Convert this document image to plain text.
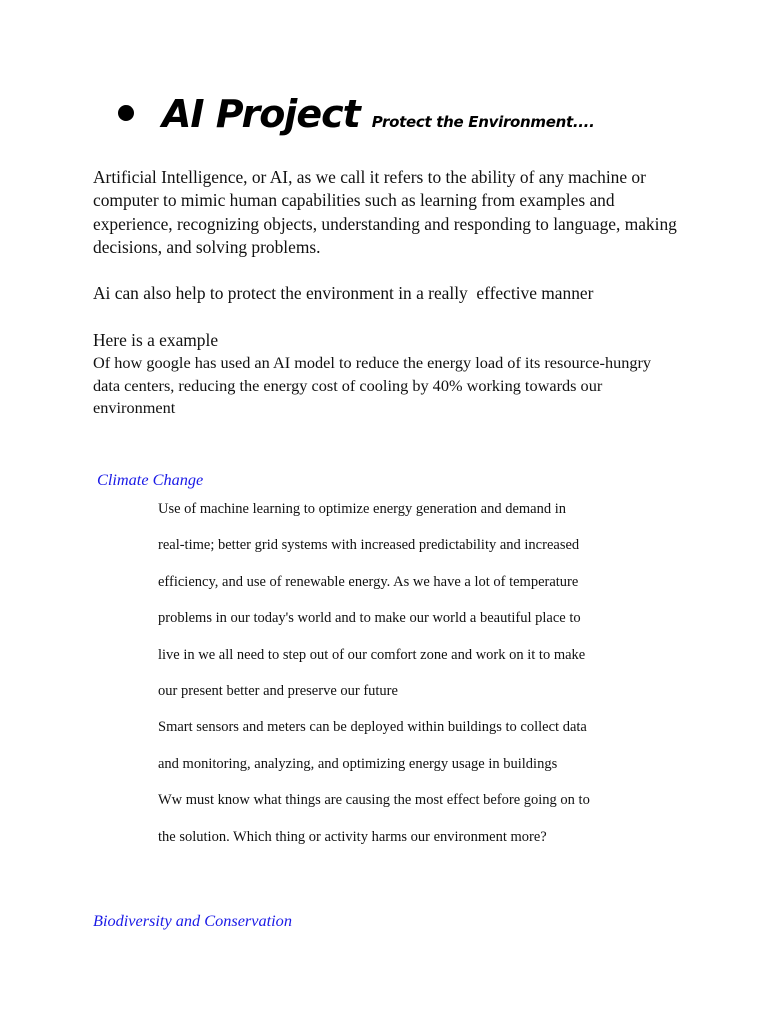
AI Project Protect the Environment....

Artificial Intelligence, or AI, as we call it refers to the ability of any machine or computer to mimic human capabilities such as learning from examples and experience, recognizing objects, understanding and responding to language, making decisions, and solving problems.

Ai can also help to protect the environment in a really  effective manner

Here is a example

Of how google has used an AI model to reduce the energy load of its resource-hungry data centers, reducing the energy cost of cooling by 40% working towards our environment

Climate Change

Use of machine learning to optimize energy generation and demand in
real-time; better grid systems with increased predictability and increased
efficiency, and use of renewable energy. As we have a lot of temperature
problems in our today's world and to make our world a beautiful place to
live in we all need to step out of our comfort zone and work on it to make
our present better and preserve our future
Smart sensors and meters can be deployed within buildings to collect data
and monitoring, analyzing, and optimizing energy usage in buildings
Ww must know what things are causing the most effect before going on to
the solution. Which thing or activity harms our environment more?

Biodiversity and Conservation
